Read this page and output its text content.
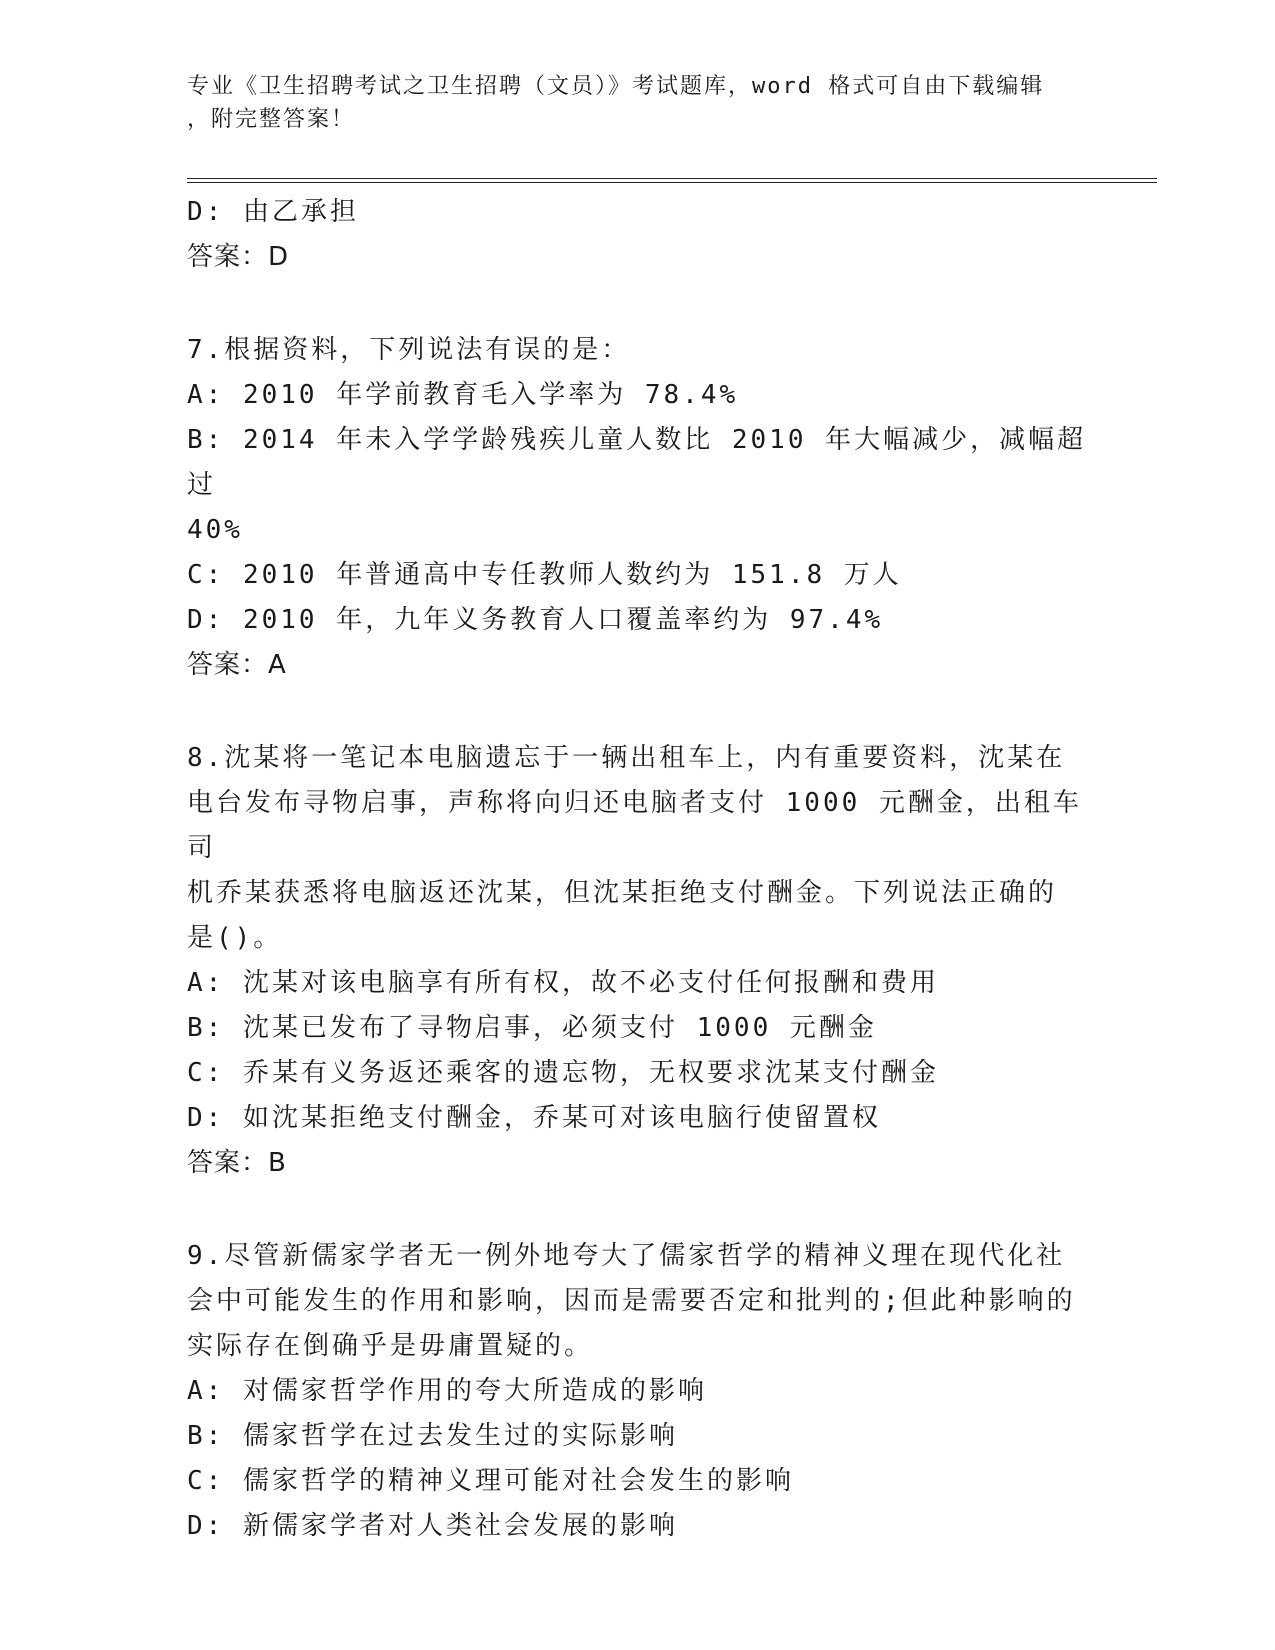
专业《卫生招聘考试之卫生招聘（文员）》考试题库，word 格式可自由下载编辑
，附完整答案！

D: 由乙承担

答案：D

7.根据资料，下列说法有误的是：

A: 2010 年学前教育毛入学率为 78.4%

B: 2014 年未入学学龄残疾儿童人数比 2010 年大幅减少，减幅超过

40%

C: 2010 年普通高中专任教师人数约为 151.8 万人

D: 2010 年，九年义务教育人口覆盖率约为 97.4%

答案：A

8.沈某将一笔记本电脑遗忘于一辆出租车上，内有重要资料，沈某在

电台发布寻物启事，声称将向归还电脑者支付 1000 元酬金，出租车司

机乔某获悉将电脑返还沈某，但沈某拒绝支付酬金。下列说法正确的

是()。

A: 沈某对该电脑享有所有权，故不必支付任何报酬和费用

B: 沈某已发布了寻物启事，必须支付 1000 元酬金

C: 乔某有义务返还乘客的遗忘物，无权要求沈某支付酬金

D: 如沈某拒绝支付酬金，乔某可对该电脑行使留置权

答案：B

9.尽管新儒家学者无一例外地夸大了儒家哲学的精神义理在现代化社

会中可能发生的作用和影响，因而是需要否定和批判的;但此种影响的

实际存在倒确乎是毋庸置疑的。

A: 对儒家哲学作用的夸大所造成的影响

B: 儒家哲学在过去发生过的实际影响

C: 儒家哲学的精神义理可能对社会发生的影响

D: 新儒家学者对人类社会发展的影响
